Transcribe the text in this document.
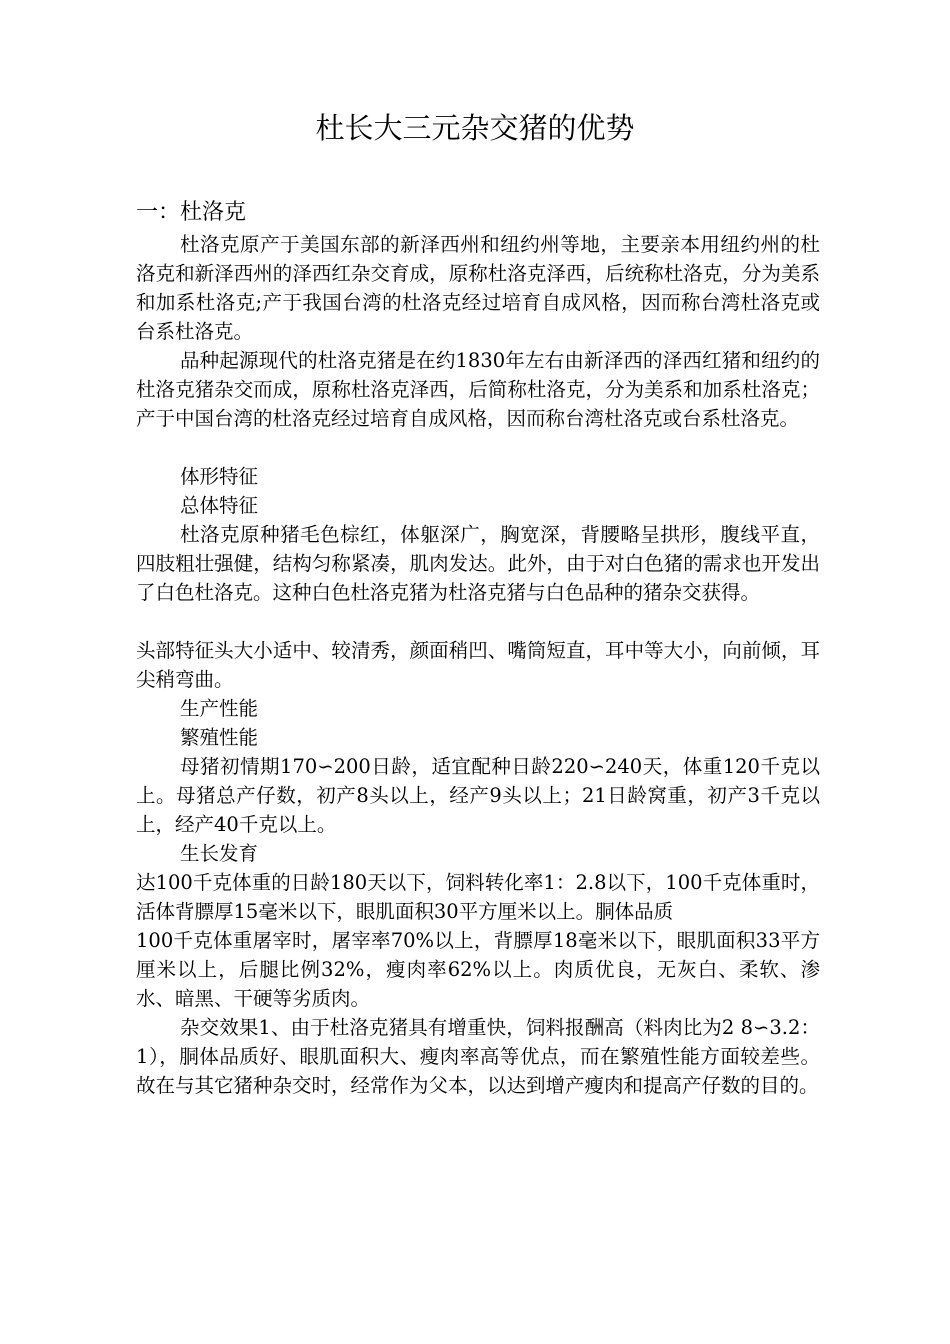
杜长大三元杂交猪的优势

一：杜洛克

杜洛克原产于美国东部的新泽西州和纽约州等地，主要亲本用纽约州的杜洛克和新泽西州的泽西红杂交育成，原称杜洛克泽西，后统称杜洛克，分为美系和加系杜洛克;产于我国台湾的杜洛克经过培育自成风格，因而称台湾杜洛克或台系杜洛克。

品种起源现代的杜洛克猪是在约1830年左右由新泽西的泽西红猪和纽约的杜洛克猪杂交而成，原称杜洛克泽西，后简称杜洛克，分为美系和加系杜洛克；产于中国台湾的杜洛克经过培育自成风格，因而称台湾杜洛克或台系杜洛克。

体形特征

总体特征

杜洛克原种猪毛色棕红，体躯深广，胸宽深，背腰略呈拱形，腹线平直，四肢粗壮强健，结构匀称紧凑，肌肉发达。此外，由于对白色猪的需求也开发出了白色杜洛克。这种白色杜洛克猪为杜洛克猪与白色品种的猪杂交获得。

头部特征头大小适中、较清秀，颜面稍凹、嘴筒短直，耳中等大小，向前倾，耳尖稍弯曲。

生产性能

繁殖性能

母猪初情期170∽200日龄，适宜配种日龄220∽240天，体重120千克以上。母猪总产仔数，初产8头以上，经产9头以上；21日龄窝重，初产3千克以上，经产40千克以上。

生长发育

达100千克体重的日龄180天以下，饲料转化率1：2.8以下，100千克体重时，活体背膘厚15毫米以下，眼肌面积30平方厘米以上。胴体品质

100千克体重屠宰时，屠宰率70%以上，背膘厚18毫米以下，眼肌面积33平方厘米以上，后腿比例32%，瘦肉率62%以上。肉质优良，无灰白、柔软、渗水、暗黑、干硬等劣质肉。

杂交效果1、由于杜洛克猪具有增重快，饲料报酬高（料肉比为2 8∽3.2：1），胴体品质好、眼肌面积大、瘦肉率高等优点，而在繁殖性能方面较差些。故在与其它猪种杂交时，经常作为父本，以达到增产瘦肉和提高产仔数的目的。
